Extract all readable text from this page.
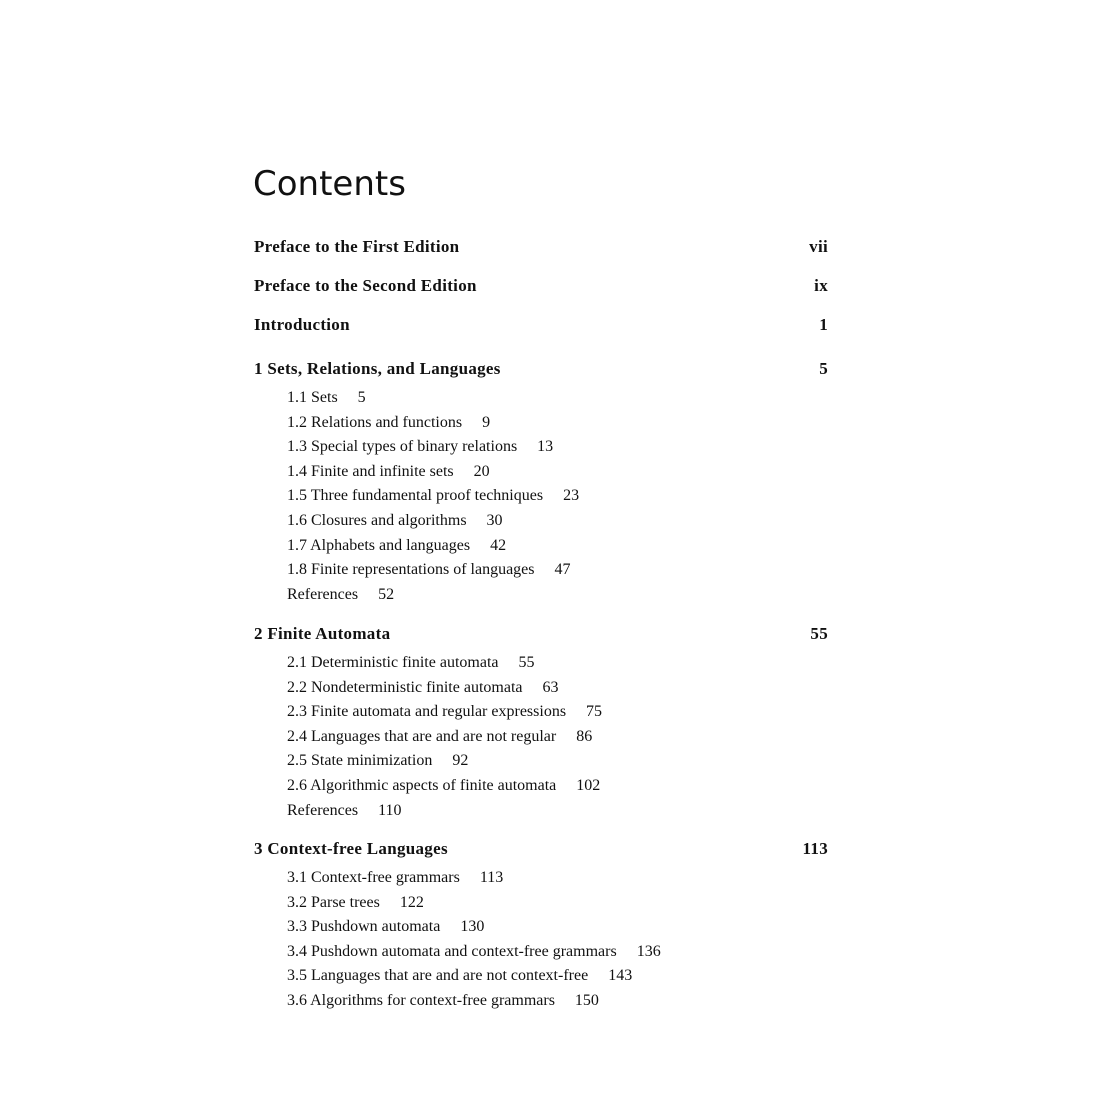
Contents
Preface to the First Edition	vii
Preface to the Second Edition	ix
Introduction	1
1 Sets, Relations, and Languages	5
1.1 Sets 5
1.2 Relations and functions 9
1.3 Special types of binary relations 13
1.4 Finite and infinite sets 20
1.5 Three fundamental proof techniques 23
1.6 Closures and algorithms 30
1.7 Alphabets and languages 42
1.8 Finite representations of languages 47
References 52
2 Finite Automata	55
2.1 Deterministic finite automata 55
2.2 Nondeterministic finite automata 63
2.3 Finite automata and regular expressions 75
2.4 Languages that are and are not regular 86
2.5 State minimization 92
2.6 Algorithmic aspects of finite automata 102
References 110
3 Context-free Languages	113
3.1 Context-free grammars 113
3.2 Parse trees 122
3.3 Pushdown automata 130
3.4 Pushdown automata and context-free grammars 136
3.5 Languages that are and are not context-free 143
3.6 Algorithms for context-free grammars 150
